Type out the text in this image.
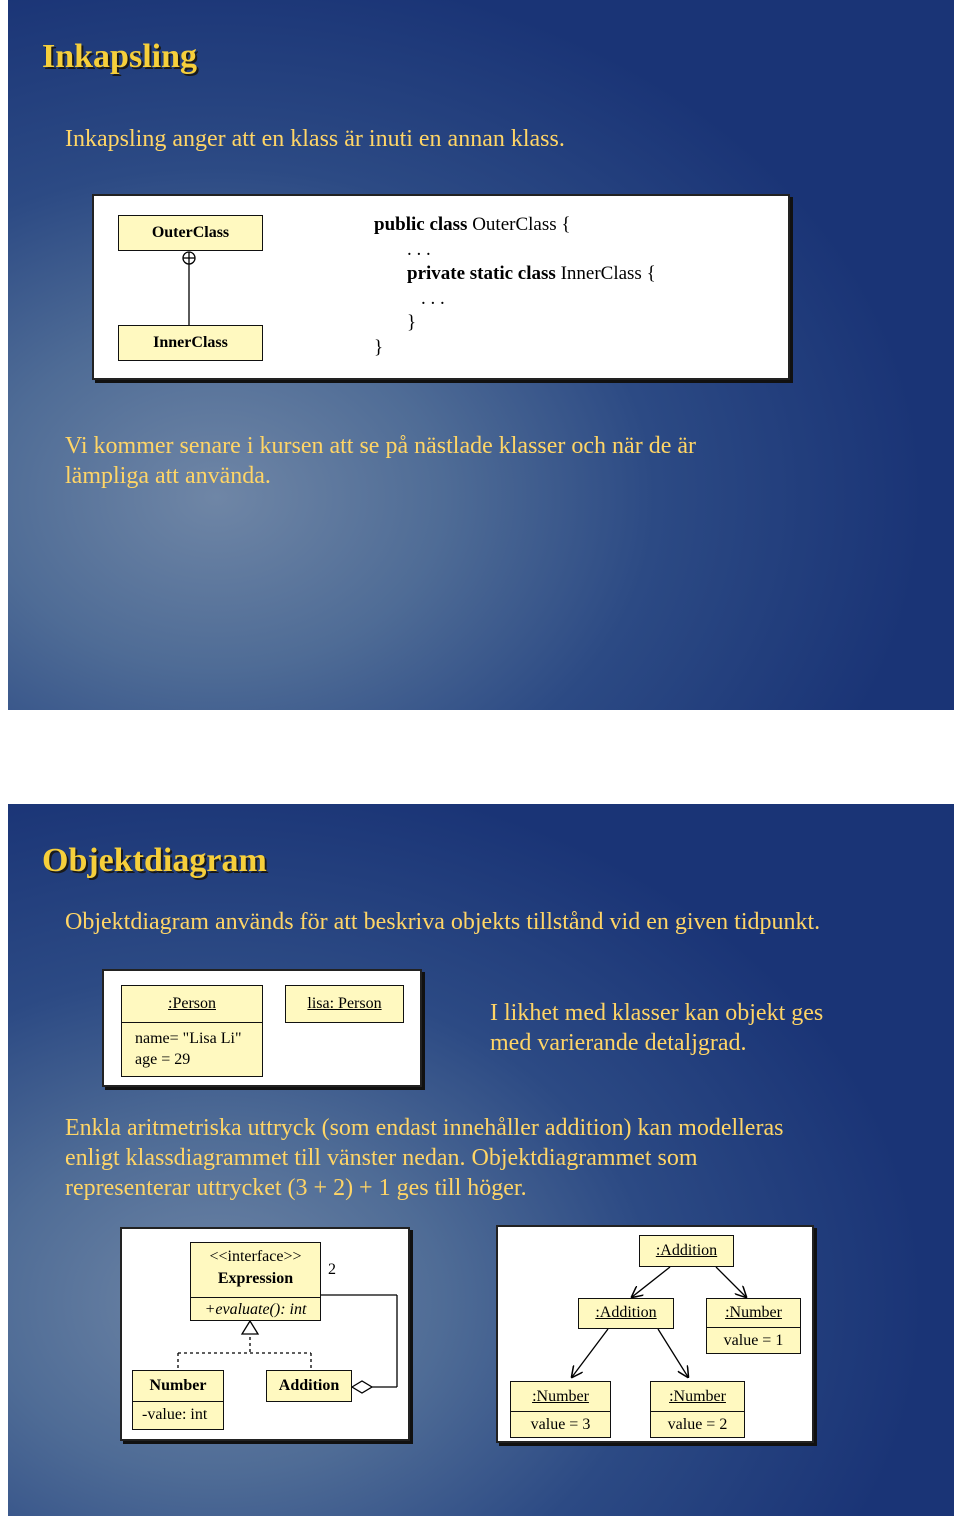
Inkapsling
Inkapsling anger att en klass är inuti en annan klass.
OuterClass
InnerClass
public class OuterClass {
. . .
private static class InnerClass {
. . .
}
}
Vi kommer senare i kursen att se på nästlade klasser och när de är
lämpliga att använda.
Objektdiagram
Objektdiagram används för att beskriva objekts tillstånd vid en given tidpunkt.
:Person
name= "Lisa Li"
age = 29
lisa: Person	I likhet med klasser kan objekt ges
med varierande detaljgrad.
Enkla aritmetriska uttryck (som endast innehåller addition) kan modelleras
enligt klassdiagrammet till vänster nedan. Objektdiagrammet som
representerar uttrycket (3 + 2) + 1 ges till höger.
<<interface>>
Expression
+evaluate(): int
2
Number
-value: int
Addition
:Addition
:Addition	:Number
value = 1
:Number
value = 3
:Number
value = 2
